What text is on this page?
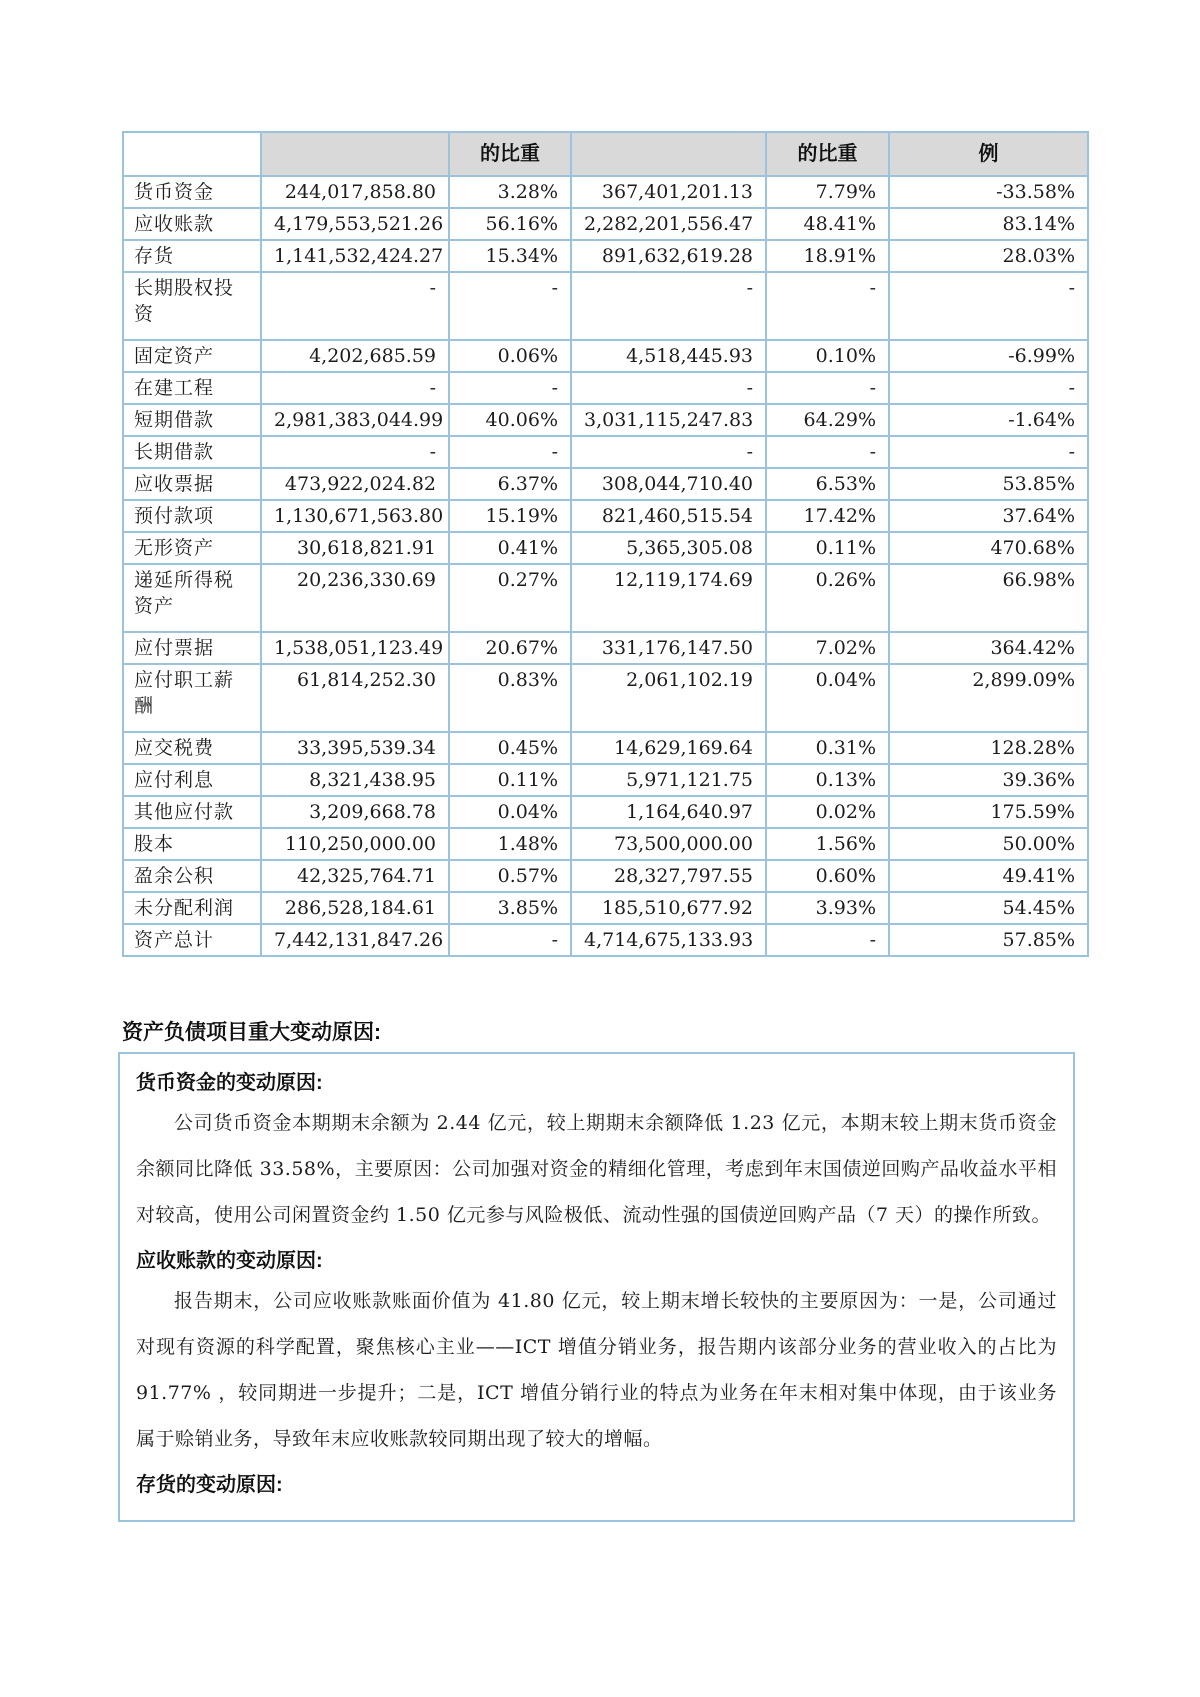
		的比重		的比重	例
货币资金	244,017,858.80	3.28%	367,401,201.13	7.79%	-33.58%
应收账款	4,179,553,521.26	56.16%	2,282,201,556.47	48.41%	83.14%
存货	1,141,532,424.27	15.34%	891,632,619.28	18.91%	28.03%
长期股权投资	-	-	-	-	-
固定资产	4,202,685.59	0.06%	4,518,445.93	0.10%	-6.99%
在建工程	-	-	-	-	-
短期借款	2,981,383,044.99	40.06%	3,031,115,247.83	64.29%	-1.64%
长期借款	-	-	-	-	-
应收票据	473,922,024.82	6.37%	308,044,710.40	6.53%	53.85%
预付款项	1,130,671,563.80	15.19%	821,460,515.54	17.42%	37.64%
无形资产	30,618,821.91	0.41%	5,365,305.08	0.11%	470.68%
递延所得税资产	20,236,330.69	0.27%	12,119,174.69	0.26%	66.98%
应付票据	1,538,051,123.49	20.67%	331,176,147.50	7.02%	364.42%
应付职工薪酬	61,814,252.30	0.83%	2,061,102.19	0.04%	2,899.09%
应交税费	33,395,539.34	0.45%	14,629,169.64	0.31%	128.28%
应付利息	8,321,438.95	0.11%	5,971,121.75	0.13%	39.36%
其他应付款	3,209,668.78	0.04%	1,164,640.97	0.02%	175.59%
股本	110,250,000.00	1.48%	73,500,000.00	1.56%	50.00%
盈余公积	42,325,764.71	0.57%	28,327,797.55	0.60%	49.41%
未分配利润	286,528,184.61	3.85%	185,510,677.92	3.93%	54.45%
资产总计	7,442,131,847.26	-	4,714,675,133.93	-	57.85%
资产负债项目重大变动原因:
货币资金的变动原因:

公司货币资金本期期末余额为 2.44 亿元，较上期期末余额降低 1.23 亿元，本期末较上期末货币资金余额同比降低 33.58%，主要原因：公司加强对资金的精细化管理，考虑到年末国债逆回购产品收益水平相对较高，使用公司闲置资金约 1.50 亿元参与风险极低、流动性强的国债逆回购产品（7 天）的操作所致。

应收账款的变动原因:

报告期末，公司应收账款账面价值为 41.80 亿元，较上期末增长较快的主要原因为：一是，公司通过对现有资源的科学配置，聚焦核心主业——ICT 增值分销业务，报告期内该部分业务的营业收入的占比为 91.77% ，较同期进一步提升；二是，ICT 增值分销行业的特点为业务在年末相对集中体现，由于该业务属于赊销业务，导致年末应收账款较同期出现了较大的增幅。

存货的变动原因:
